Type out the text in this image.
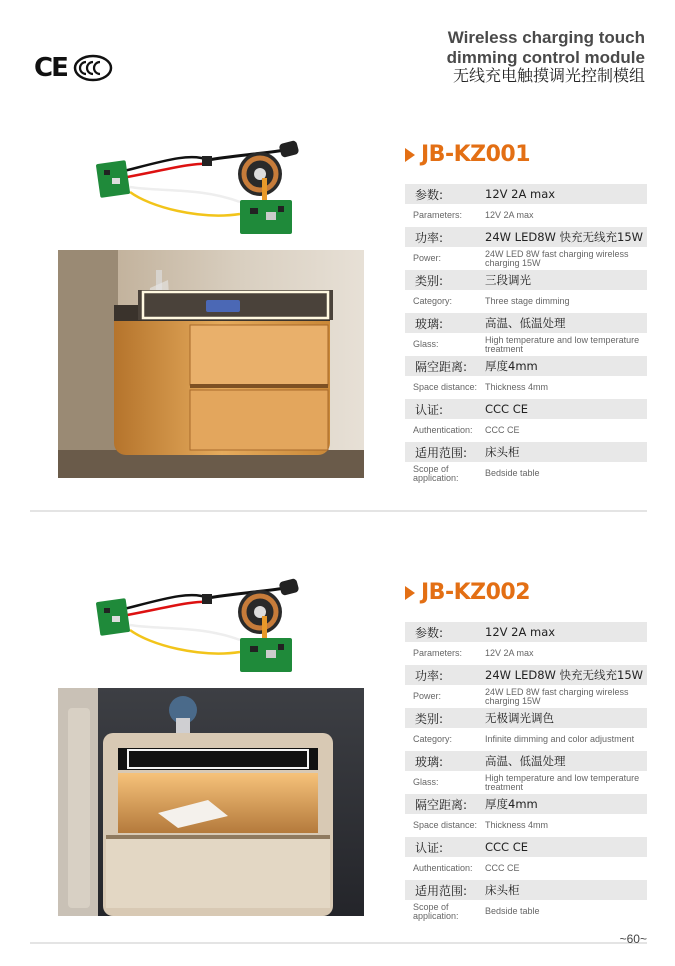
CE
Wireless charging touch
dimming control module
无线充电触摸调光控制模组
JB-KZ001
参数:	12V 2A max
Parameters:	12V 2A max
功率:	24W LED8W 快充无线充15W
Power:	24W LED 8W fast charging wireless charging 15W
类别:	三段调光
Category:	Three stage dimming
玻璃:	高温、低温处理
Glass:	High temperature and low temperature treatment
隔空距离:	厚度4mm
Space distance: Thickness 4mm
认证:	CCC CE
Authentication:	CCC CE
适用范围:	床头柜
Scope of application:	Bedside table
JB-KZ002
参数:	12V 2A max
Parameters:	12V 2A max
功率:	24W LED8W 快充无线充15W
Power:	24W LED 8W fast charging wireless charging 15W
类别:	无极调光调色
Category:	Infinite dimming and color adjustment
玻璃:	高温、低温处理
Glass:	High temperature and low temperature treatment
隔空距离:	厚度4mm
Space distance: Thickness 4mm
认证:	CCC CE
Authentication:	CCC CE
适用范围:	床头柜
Scope of application:	Bedside table
~60~
